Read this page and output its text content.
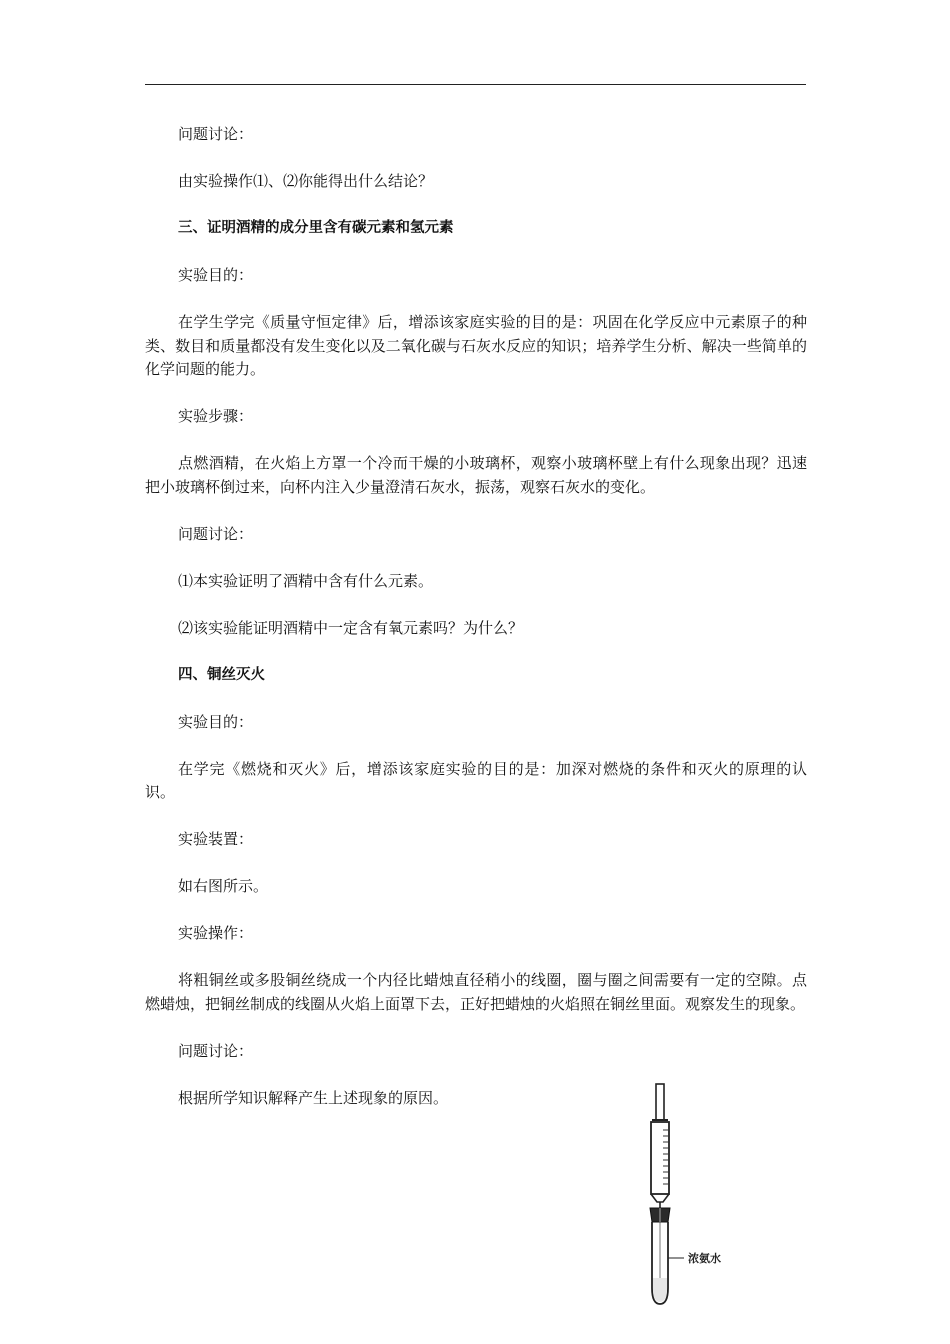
问题讨论：

由实验操作⑴、⑵你能得出什么结论？

三、证明酒精的成分里含有碳元素和氢元素

实验目的：

在学生学完《质量守恒定律》后，增添该家庭实验的目的是：巩固在化学反应中元素原子的种类、数目和质量都没有发生变化以及二氧化碳与石灰水反应的知识；培养学生分析、解决一些简单的化学问题的能力。

实验步骤：

点燃酒精，在火焰上方罩一个冷而干燥的小玻璃杯，观察小玻璃杯壁上有什么现象出现？迅速把小玻璃杯倒过来，向杯内注入少量澄清石灰水，振荡，观察石灰水的变化。

问题讨论：

⑴本实验证明了酒精中含有什么元素。

⑵该实验能证明酒精中一定含有氧元素吗？为什么？

四、铜丝灭火

实验目的：

在学完《燃烧和灭火》后，增添该家庭实验的目的是：加深对燃烧的条件和灭火的原理的认识。

实验装置：

如右图所示。

实验操作：

将粗铜丝或多股铜丝绕成一个内径比蜡烛直径稍小的线圈，圈与圈之间需要有一定的空隙。点燃蜡烛，把铜丝制成的线圈从火焰上面罩下去，正好把蜡烛的火焰照在铜丝里面。观察发生的现象。

问题讨论：

根据所学知识解释产生上述现象的原因。

浓氨水
